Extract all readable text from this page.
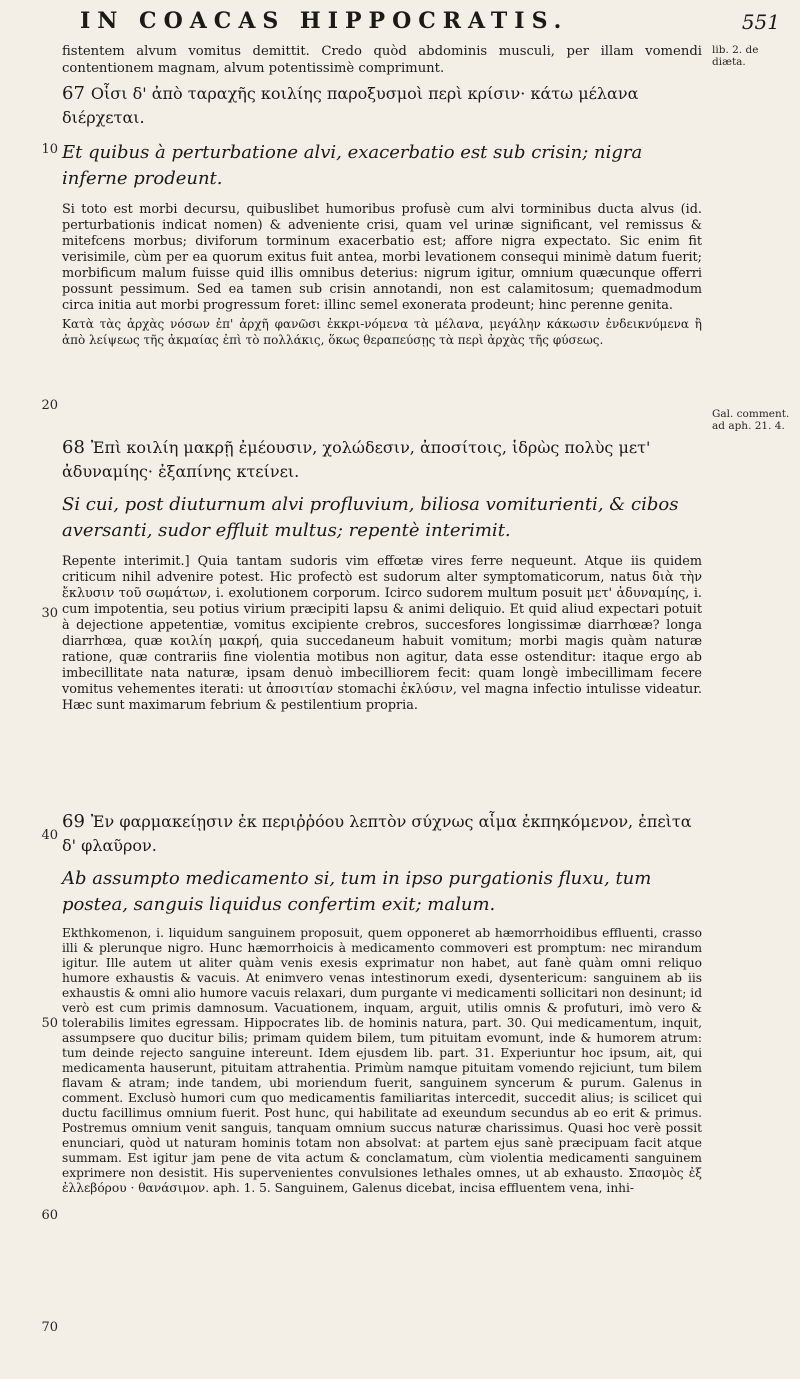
IN COACAS HIPPOCRATIS.	551
lib. 2. de diæta.
Gal. comment. ad aph. 21. 4.
10
20
30
40
50
60
70

fistentem alvum vomitus demittit. Credo quòd abdominis musculi, per illam vomendi contentionem magnam, alvum potentissimè comprimunt.

67 Οἷσι δ' ἀπὸ ταραχῆς κοιλίης παροξυσμοὶ περὶ κρίσιν· κάτω μέλανα διέρχεται.

Et quibus à perturbatione alvi, exacerbatio est sub crisin; nigra inferne prodeunt.

Si toto est morbi decursu, quibuslibet humoribus profusè cum alvi torminibus ducta alvus (id. perturbationis indicat nomen) & adveniente crisi, quam vel urinæ significant, vel remissus & mitefcens morbus; diviforum torminum exacerbatio est; affore nigra expectato. Sic enim fit verisimile, cùm per ea quorum exitus fuit antea, morbi levationem consequi minimè datum fuerit; morbificum malum fuisse quid illis omnibus deterius: nigrum igitur, omnium quæcunque offerri possunt pessimum. Sed ea tamen sub crisin annotandi, non est calamitosum; quemadmodum circa initia aut morbi progressum foret: illinc semel exonerata prodeunt; hinc perenne genita.

Κατὰ τὰς ἀρχὰς νόσων ἐπ' ἀρχῆ φανῶσι ἐκκρι-νόμενα τὰ μέλανα, μεγάλην κάκωσιν ἐνδεικνύμενα ἢ ἀπὸ λείψεως τῆς ἀκμαίας ἐπὶ τὸ πολλάκις, ὅκως θεραπεύσῃς τὰ περὶ ἀρχὰς τῆς φύσεως.

68 Ἐπὶ κοιλίη μακρῇ ἐμέουσιν, χολώδεσιν, ἀποσίτοις, ἱδρὼς πολὺς μετ' ἀδυναμίης· ἐξαπίνης κτείνει.

Si cui, post diuturnum alvi profluvium, biliosa vomiturienti, & cibos aversanti, sudor effluit multus; repentè interimit.

Repente interimit.] Quia tantam sudoris vim effœtæ vires ferre nequeunt. Atque iis quidem criticum nihil advenire potest. Hic profectò est sudorum alter symptomaticorum, natus διὰ τὴν ἔκλυσιν τοῦ σωμάτων, i. exolutionem corporum. Icirco sudorem multum posuit μετ' ἀδυναμίης, i. cum impotentia, seu potius virium præcipiti lapsu & animi deliquio. Et quid aliud expectari potuit à dejectione appetentiæ, vomitus excipiente crebros, succesfores longissimæ diarrhœæ? longa diarrhœa, quæ κοιλίη μακρή, quia succedaneum habuit vomitum; morbi magis quàm naturæ ratione, quæ contrariis fine violentia motibus non agitur, data esse ostenditur: itaque ergo ab imbecillitate nata naturæ, ipsam denuò imbecilliorem fecit: quam longè imbecillimam fecere vomitus vehementes iterati: ut ἀποσιτίαν stomachi ἐκλύσιν, vel magna infectio intulisse videatur. Hæc sunt maximarum febrium & pestilentium propria.

69 Ἐν φαρμακείῃσιν ἐκ περιῤῥόου λεπτὸν σύχνως αἷμα ἐκπηκόμενον, ἐπεὶτα δ' φλαῦρον.

Ab assumpto medicamento si, tum in ipso purgationis fluxu, tum postea, sanguis liquidus confertim exit; malum.

Ekthkomenon, i. liquidum sanguinem proposuit, quem opponeret ab hæmorrhoidibus effluenti, crasso illi & plerunque nigro. Hunc hæmorrhoicis à medicamento commoveri est promptum: nec mirandum igitur. Ille autem ut aliter quàm venis exesis exprimatur non habet, aut fanè quàm omni reliquo humore exhaustis & vacuis. At enimvero venas intestinorum exedi, dysentericum: sanguinem ab iis exhaustis & omni alio humore vacuis relaxari, dum purgante vi medicamenti sollicitari non desinunt; id verò est cum primis damnosum. Vacuationem, inquam, arguit, utilis omnis & profuturi, imò vero & tolerabilis limites egressam. Hippocrates lib. de hominis natura, part. 30. Qui medicamentum, inquit, assumpsere quo ducitur bilis; primam quidem bilem, tum pituitam evomunt, inde & humorem atrum: tum deinde rejecto sanguine intereunt. Idem ejusdem lib. part. 31. Experiuntur hoc ipsum, ait, qui medicamenta hauserunt, pituitam attrahentia. Primùm namque pituitam vomendo rejiciunt, tum bilem flavam & atram; inde tandem, ubi moriendum fuerit, sanguinem syncerum & purum. Galenus in comment. Exclusò humori cum quo medicamentis familiaritas intercedit, succedit alius; is scilicet qui ductu facillimus omnium fuerit. Post hunc, qui habilitate ad exeundum secundus ab eo erit & primus. Postremus omnium venit sanguis, tanquam omnium succus naturæ charissimus. Quasi hoc verè possit enunciari, quòd ut naturam hominis totam non absolvat: at partem ejus sanè præcipuam facit atque summam. Est igitur jam pene de vita actum & conclamatum, cùm violentia medicamenti sanguinem exprimere non desistit. His supervenientes convulsiones lethales omnes, ut ab exhausto. Σπασμὸς ἐξ ἐλλεβόρου · θανάσιμον. aph. 1. 5. Sanguinem, Galenus dicebat, incisa effluentem vena, inhi-
